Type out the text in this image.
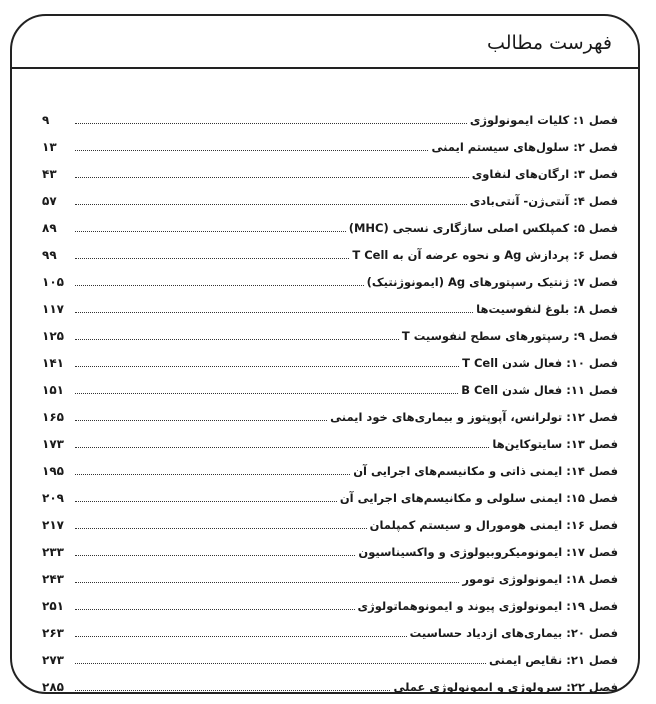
فهرست مطالب
فصل ۱: کلیات ایمونولوژی
۹
فصل ۲: سلول‌های سیستم ایمنی
۱۳
فصل ۳: ارگان‌های لنفاوی
۴۳
فصل ۴: آنتی‌ژن- آنتی‌بادی
۵۷
فصل ۵: کمپلکس اصلی سازگاری نسجی (MHC)
۸۹
فصل ۶: پردازش Ag و نحوه عرضه آن به T Cell
۹۹
فصل ۷: ژنتیک رسپتورهای Ag (ایمونوژنتیک)
۱۰۵
فصل ۸: بلوغ لنفوسیت‌ها
۱۱۷
فصل ۹: رسپتورهای سطح لنفوسیت T
۱۲۵
فصل ۱۰: فعال شدن T Cell
۱۴۱
فصل ۱۱: فعال شدن B Cell
۱۵۱
فصل ۱۲: تولرانس، آپوپتوز و بیماری‌های خود ایمنی
۱۶۵
فصل ۱۳: سایتوکاین‌ها
۱۷۳
فصل ۱۴: ایمنی ذاتی و مکانیسم‌های اجرایی آن
۱۹۵
فصل ۱۵: ایمنی سلولی و مکانیسم‌های اجرایی آن
۲۰۹
فصل ۱۶: ایمنی هومورال و سیستم کمپلمان
۲۱۷
فصل ۱۷: ایمونومیکروبیولوژی و واکسیناسیون
۲۳۳
فصل ۱۸: ایمونولوژی تومور
۲۴۳
فصل ۱۹: ایمونولوژی پیوند و ایمونوهماتولوژی
۲۵۱
فصل ۲۰: بیماری‌های ازدیاد حساسیت
۲۶۳
فصل ۲۱: نقایص ایمنی
۲۷۳
فصل ۲۲: سرولوژی و ایمونولوژی عملی
۲۸۵
